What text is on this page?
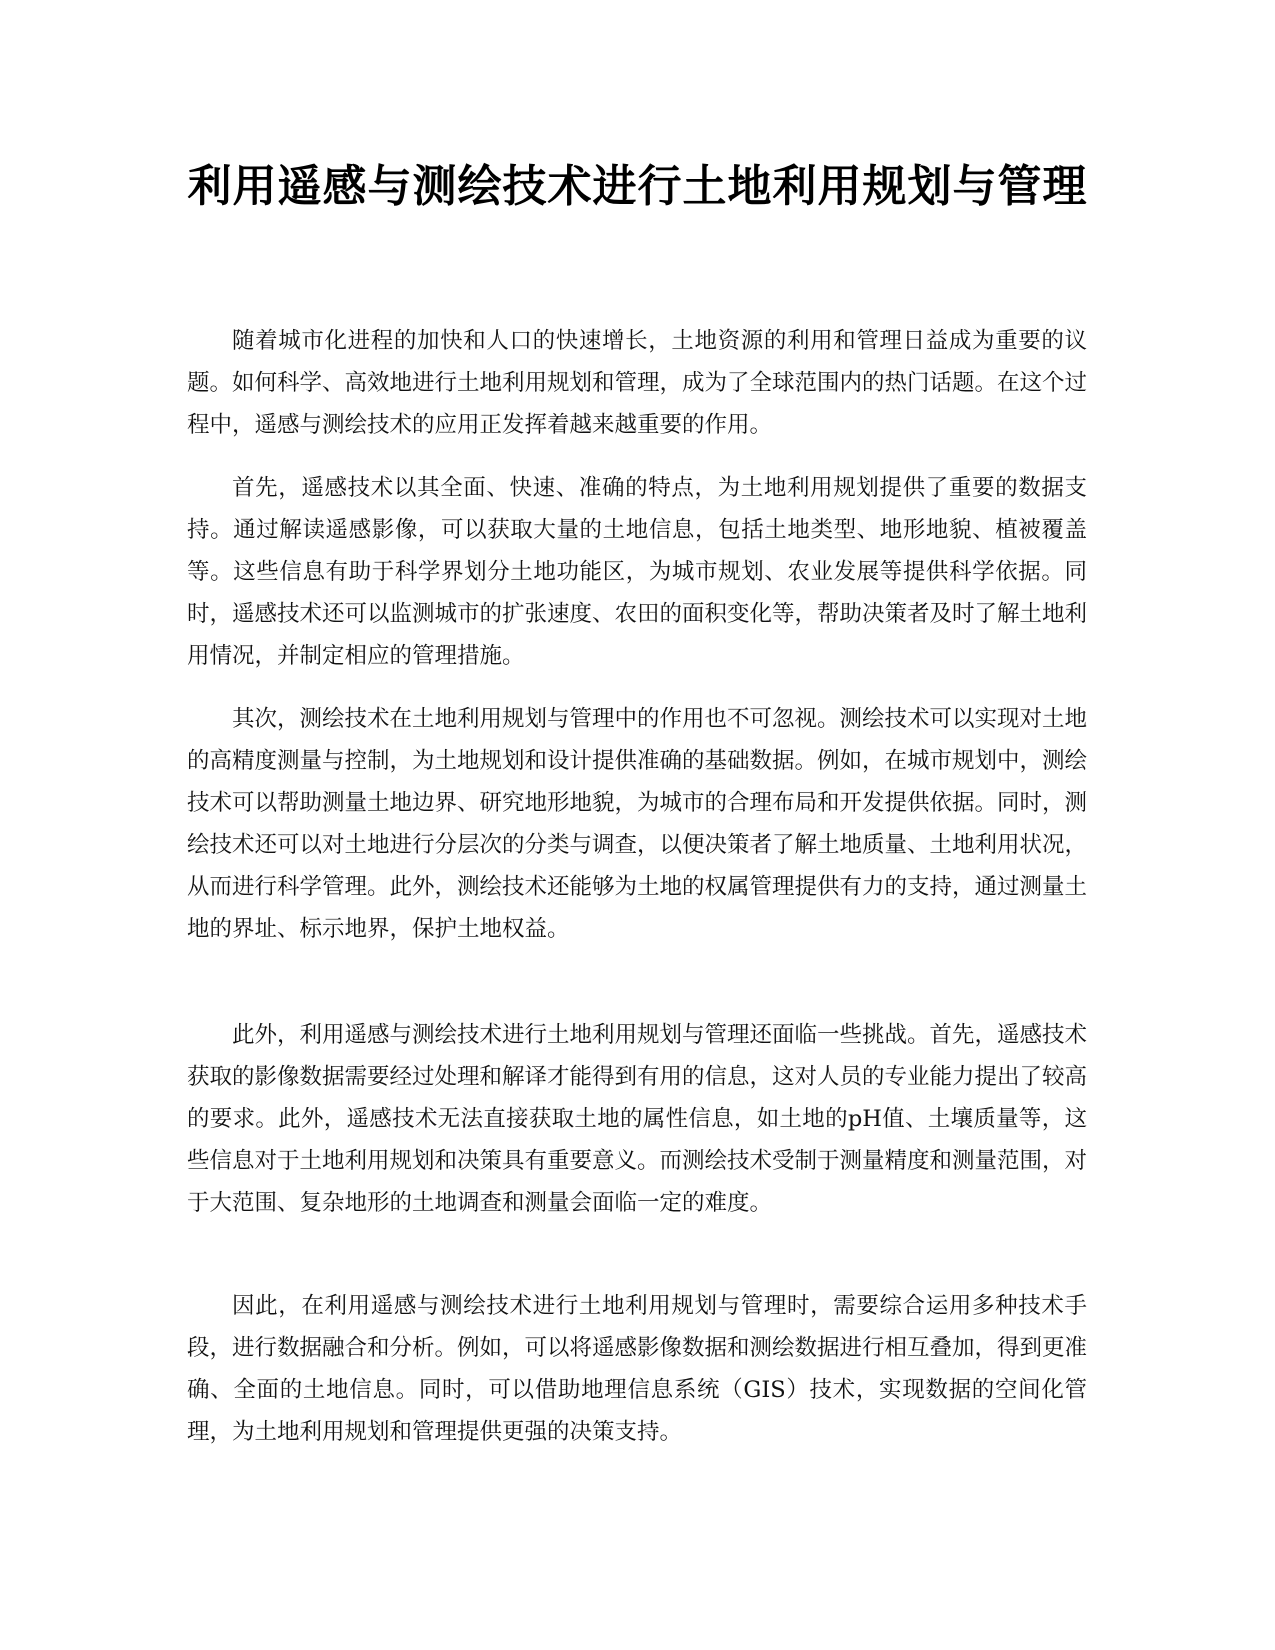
利用遥感与测绘技术进行土地利用规划与管理

随着城市化进程的加快和人口的快速增长，土地资源的利用和管理日益成为重要的议题。如何科学、高效地进行土地利用规划和管理，成为了全球范围内的热门话题。在这个过程中，遥感与测绘技术的应用正发挥着越来越重要的作用。

首先，遥感技术以其全面、快速、准确的特点，为土地利用规划提供了重要的数据支持。通过解读遥感影像，可以获取大量的土地信息，包括土地类型、地形地貌、植被覆盖等。这些信息有助于科学界划分土地功能区，为城市规划、农业发展等提供科学依据。同时，遥感技术还可以监测城市的扩张速度、农田的面积变化等，帮助决策者及时了解土地利用情况，并制定相应的管理措施。

其次，测绘技术在土地利用规划与管理中的作用也不可忽视。测绘技术可以实现对土地的高精度测量与控制，为土地规划和设计提供准确的基础数据。例如，在城市规划中，测绘技术可以帮助测量土地边界、研究地形地貌，为城市的合理布局和开发提供依据。同时，测绘技术还可以对土地进行分层次的分类与调查，以便决策者了解土地质量、土地利用状况，从而进行科学管理。此外，测绘技术还能够为土地的权属管理提供有力的支持，通过测量土地的界址、标示地界，保护土地权益。

此外，利用遥感与测绘技术进行土地利用规划与管理还面临一些挑战。首先，遥感技术获取的影像数据需要经过处理和解译才能得到有用的信息，这对人员的专业能力提出了较高的要求。此外，遥感技术无法直接获取土地的属性信息，如土地的pH值、土壤质量等，这些信息对于土地利用规划和决策具有重要意义。而测绘技术受制于测量精度和测量范围，对于大范围、复杂地形的土地调查和测量会面临一定的难度。

因此，在利用遥感与测绘技术进行土地利用规划与管理时，需要综合运用多种技术手段，进行数据融合和分析。例如，可以将遥感影像数据和测绘数据进行相互叠加，得到更准确、全面的土地信息。同时，可以借助地理信息系统（GIS）技术，实现数据的空间化管理，为土地利用规划和管理提供更强的决策支持。
